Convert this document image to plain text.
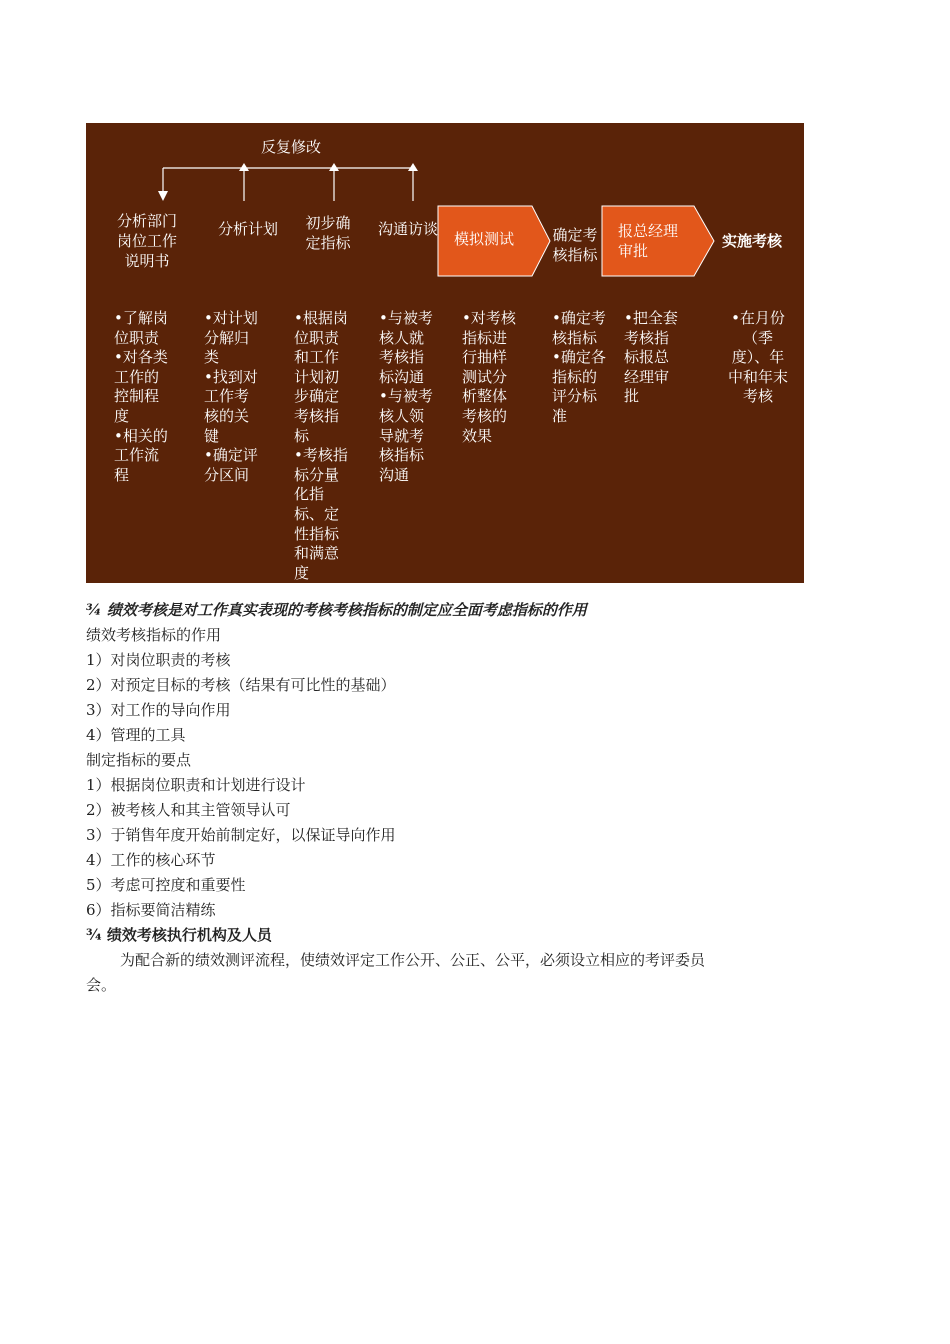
反复修改
分析部门
岗位工作
说明书
分析计划	初步确
定指标
沟通访谈
模拟测试	确定考
核指标
报总经理
审批
实施考核
•了解岗
位职责
•对各类
工作的
控制程
度
•相关的
工作流
程
•对计划
分解归
类
•找到对
工作考
核的关
键
•确定评
分区间
•根据岗
位职责
和工作
计划初
步确定
考核指
标
•考核指
标分量
化指
标、定
性指标
和满意
度
•与被考
核人就
考核指
标沟通
•与被考
核人领
导就考
核指标
沟通
•对考核
指标进
行抽样
测试分
析整体
考核的
效果
•确定考
核指标
•确定各
指标的
评分标
准
•把全套
考核指
标报总
经理审
批
•在月份
（季
度）、年
中和年末
考核
¾ 绩效考核是对工作真实表现的考核考核指标的制定应全面考虑指标的作用
绩效考核指标的作用
1）对岗位职责的考核
2）对预定目标的考核（结果有可比性的基础）
3）对工作的导向作用
4）管理的工具
制定指标的要点
1）根据岗位职责和计划进行设计
2）被考核人和其主管领导认可
3）于销售年度开始前制定好，以保证导向作用
4）工作的核心环节
5）考虑可控度和重要性
6）指标要简洁精练
¾ 绩效考核执行机构及人员
为配合新的绩效测评流程，使绩效评定工作公开、公正、公平，必须设立相应的考评委员会。
